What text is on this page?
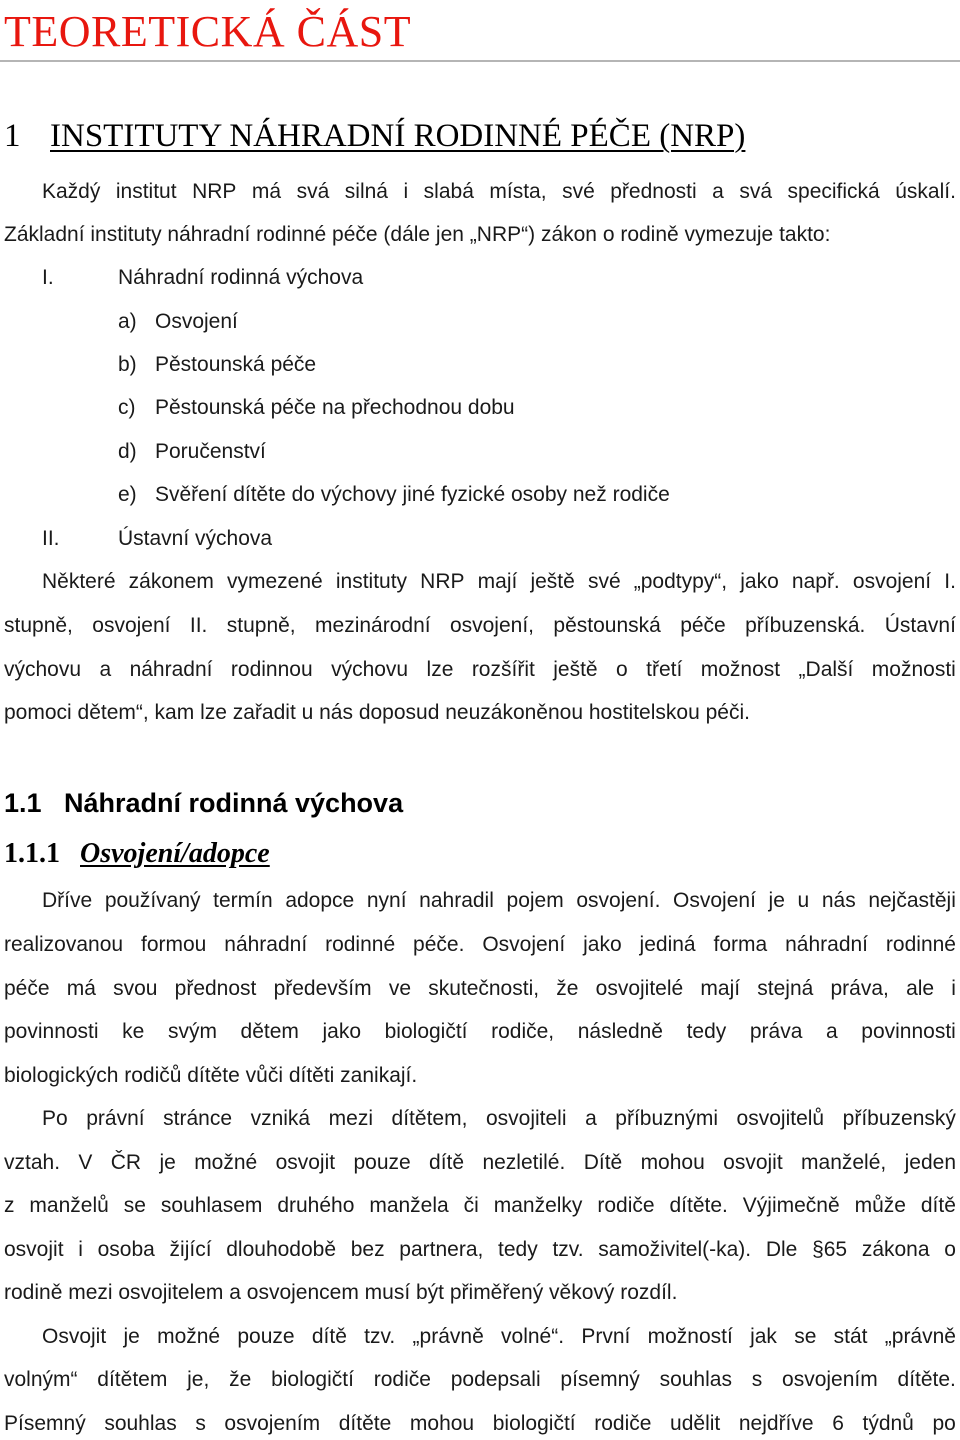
TEORETICKÁ ČÁST
1 INSTITUTY NÁHRADNÍ RODINNÉ PÉČE (NRP)
Každý institut NRP má svá silná i slabá místa, své přednosti a svá specifická úskalí.
Základní instituty náhradní rodinné péče (dále jen „NRP“) zákon o rodině vymezuje takto:
I.	Náhradní rodinná výchova
a) Osvojení
b) Pěstounská péče
c) Pěstounská péče na přechodnou dobu
d) Poručenství
e) Svěření dítěte do výchovy jiné fyzické osoby než rodiče
II.	Ústavní výchova
Některé zákonem vymezené instituty NRP mají ještě své „podtypy“, jako např. osvojení I.
stupně, osvojení II. stupně, mezinárodní osvojení, pěstounská péče příbuzenská. Ústavní
výchovu a náhradní rodinnou výchovu lze rozšířit ještě o třetí možnost „Další možnosti
pomoci dětem“, kam lze zařadit u nás doposud neuzákoněnou hostitelskou péči.
1.1 Náhradní rodinná výchova
1.1.1 Osvojení/adopce
Dříve používaný termín adopce nyní nahradil pojem osvojení. Osvojení je u nás nejčastěji
realizovanou formou náhradní rodinné péče. Osvojení jako jediná forma náhradní rodinné
péče má svou přednost především ve skutečnosti, že osvojitelé mají stejná práva, ale i
povinnosti ke svým dětem jako biologičtí rodiče, následně tedy práva a povinnosti
biologických rodičů dítěte vůči dítěti zanikají.
Po právní stránce vzniká mezi dítětem, osvojiteli a příbuznými osvojitelů příbuzenský
vztah. V ČR je možné osvojit pouze dítě nezletilé. Dítě mohou osvojit manželé, jeden
z manželů se souhlasem druhého manžela či manželky rodiče dítěte. Výjimečně může dítě
osvojit i osoba žijící dlouhodobě bez partnera, tedy tzv. samoživitel(-ka). Dle §65 zákona o
rodině mezi osvojitelem a osvojencem musí být přiměřený věkový rozdíl.
Osvojit je možné pouze dítě tzv. „právně volné“. První možností jak se stát „právně
volným“ dítětem je, že biologičtí rodiče podepsali písemný souhlas s osvojením dítěte.
Písemný souhlas s osvojením dítěte mohou biologičtí rodiče udělit nejdříve 6 týdnů po
